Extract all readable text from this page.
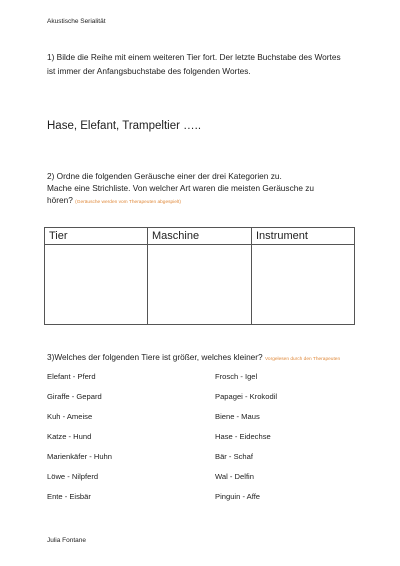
Akustische Serialität
1) Bilde die Reihe mit einem weiteren Tier fort. Der letzte Buchstabe des Wortes ist immer der Anfangsbuchstabe des folgenden Wortes.
Hase, Elefant, Trampeltier …..
2) Ordne die folgenden Geräusche einer der drei Kategorien zu.
Mache eine Strichliste. Von welcher Art waren die meisten Geräusche zu
hören? (Geräusche werden vom Therapeuten abgespielt)
Tier	Maschine	Instrument

3)Welches der folgenden Tiere ist größer, welches kleiner? Vorgelesen durch den Therapeuten
Elefant - Pferd	Frosch - Igel
Giraffe - Gepard	Papagei - Krokodil
Kuh - Ameise	Biene - Maus
Katze - Hund	Hase - Eidechse
Marienkäfer - Huhn	Bär - Schaf
Löwe - Nilpferd	Wal - Delfin
Ente - Eisbär	Pinguin - Affe
Julia Fontane
